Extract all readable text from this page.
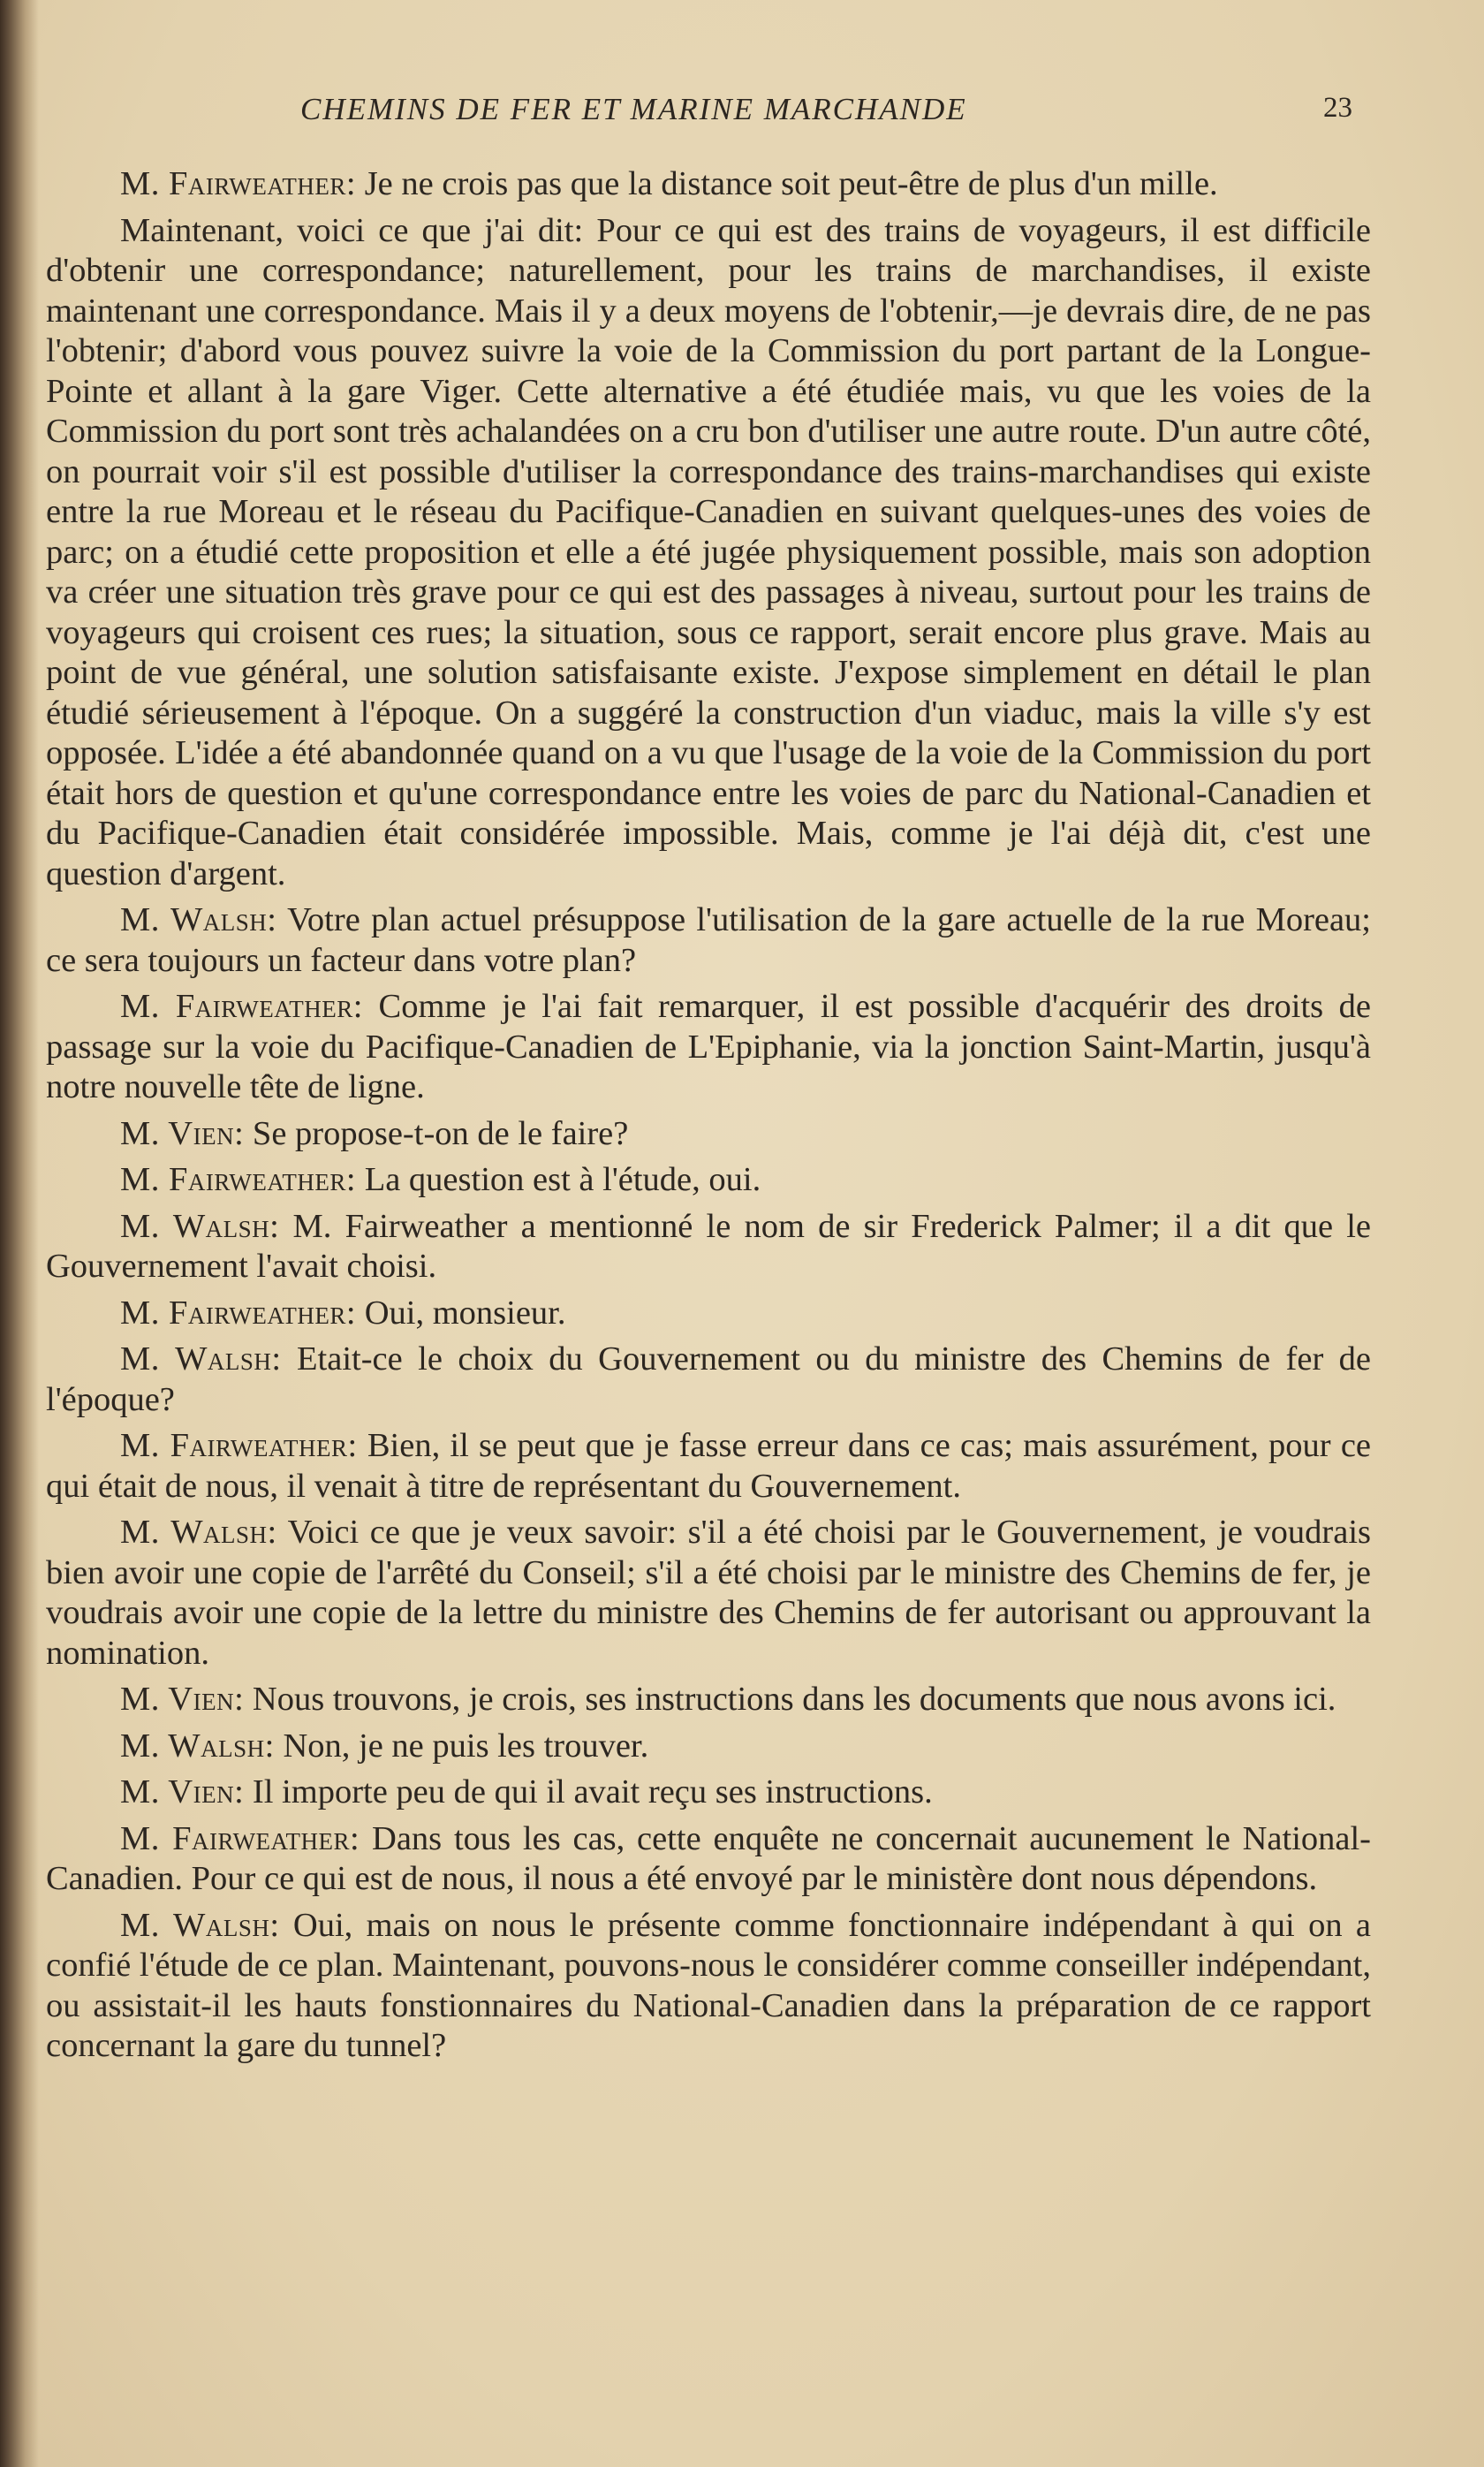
CHEMINS DE FER ET MARINE MARCHANDE	23

M. Fairweather: Je ne crois pas que la distance soit peut-être de plus d'un mille.

Maintenant, voici ce que j'ai dit: Pour ce qui est des trains de voyageurs, il est difficile d'obtenir une correspondance; naturellement, pour les trains de marchandises, il existe maintenant une correspondance. Mais il y a deux moyens de l'obtenir,—je devrais dire, de ne pas l'obtenir; d'abord vous pouvez suivre la voie de la Commission du port partant de la Longue-Pointe et allant à la gare Viger. Cette alternative a été étudiée mais, vu que les voies de la Commission du port sont très achalandées on a cru bon d'utiliser une autre route. D'un autre côté, on pourrait voir s'il est possible d'utiliser la correspondance des trains-marchandises qui existe entre la rue Moreau et le réseau du Pacifique-Canadien en suivant quelques-unes des voies de parc; on a étudié cette proposition et elle a été jugée physiquement possible, mais son adoption va créer une situation très grave pour ce qui est des passages à niveau, surtout pour les trains de voyageurs qui croisent ces rues; la situation, sous ce rapport, serait encore plus grave. Mais au point de vue général, une solution satisfaisante existe. J'expose simplement en détail le plan étudié sérieusement à l'époque. On a suggéré la construction d'un viaduc, mais la ville s'y est opposée. L'idée a été abandonnée quand on a vu que l'usage de la voie de la Commission du port était hors de question et qu'une correspondance entre les voies de parc du National-Canadien et du Pacifique-Canadien était considérée impossible. Mais, comme je l'ai déjà dit, c'est une question d'argent.

M. Walsh: Votre plan actuel présuppose l'utilisation de la gare actuelle de la rue Moreau; ce sera toujours un facteur dans votre plan?

M. Fairweather: Comme je l'ai fait remarquer, il est possible d'acquérir des droits de passage sur la voie du Pacifique-Canadien de L'Epiphanie, via la jonction Saint-Martin, jusqu'à notre nouvelle tête de ligne.

M. Vien: Se propose-t-on de le faire?

M. Fairweather: La question est à l'étude, oui.

M. Walsh: M. Fairweather a mentionné le nom de sir Frederick Palmer; il a dit que le Gouvernement l'avait choisi.

M. Fairweather: Oui, monsieur.

M. Walsh: Etait-ce le choix du Gouvernement ou du ministre des Chemins de fer de l'époque?

M. Fairweather: Bien, il se peut que je fasse erreur dans ce cas; mais assurément, pour ce qui était de nous, il venait à titre de représentant du Gouvernement.

M. Walsh: Voici ce que je veux savoir: s'il a été choisi par le Gouvernement, je voudrais bien avoir une copie de l'arrêté du Conseil; s'il a été choisi par le ministre des Chemins de fer, je voudrais avoir une copie de la lettre du ministre des Chemins de fer autorisant ou approuvant la nomination.

M. Vien: Nous trouvons, je crois, ses instructions dans les documents que nous avons ici.

M. Walsh: Non, je ne puis les trouver.

M. Vien: Il importe peu de qui il avait reçu ses instructions.

M. Fairweather: Dans tous les cas, cette enquête ne concernait aucunement le National-Canadien. Pour ce qui est de nous, il nous a été envoyé par le ministère dont nous dépendons.

M. Walsh: Oui, mais on nous le présente comme fonctionnaire indépendant à qui on a confié l'étude de ce plan. Maintenant, pouvons-nous le considérer comme conseiller indépendant, ou assistait-il les hauts fonstionnaires du National-Canadien dans la préparation de ce rapport concernant la gare du tunnel?
